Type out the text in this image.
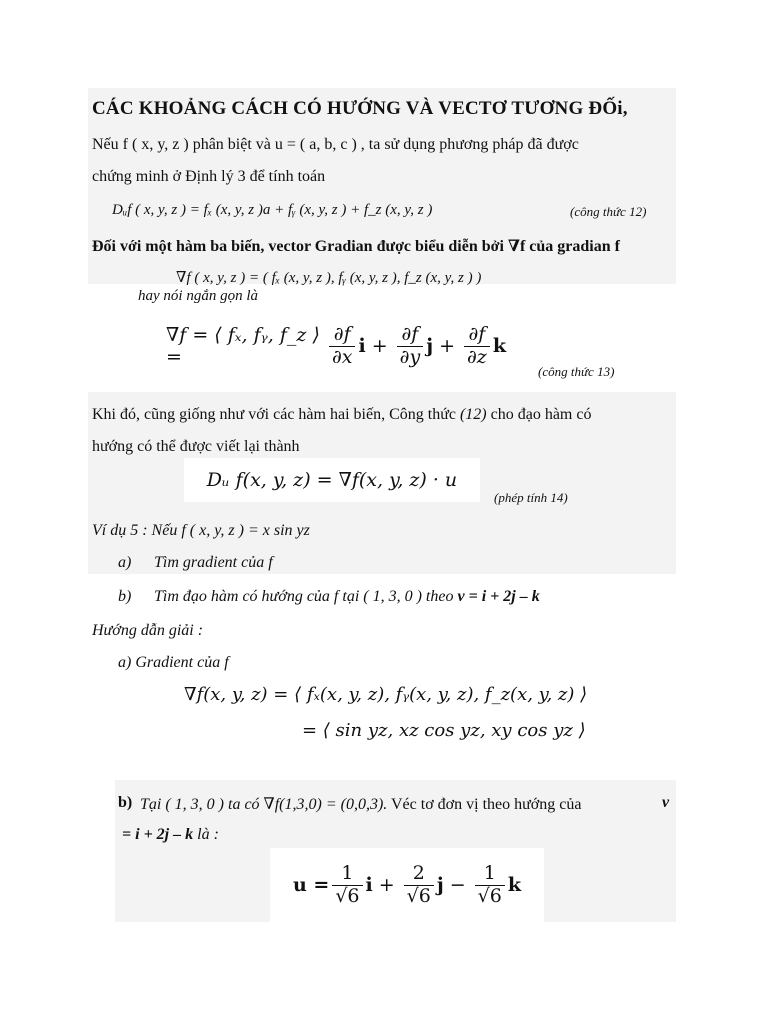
CÁC KHOẢNG CÁCH CÓ HƯỚNG VÀ VECTƠ TƯƠNG ĐỐi,
Nếu f ( x, y, z ) phân biệt và u = ( a, b, c ) , ta sử dụng phương pháp đã được
chứng minh ở Định lý 3 để tính toán
Dᵤf ( x, y, z ) = fₓ (x, y, z )a + fᵧ (x, y, z ) + f_z (x, y, z )	(công thức 12)
Đối với một hàm ba biến, vector Gradian được biểu diễn bởi ∇f của gradian f
∇f ( x, y, z ) = ( fₓ (x, y, z ), fᵧ (x, y, z ), f_z (x, y, z ) )
hay nói ngắn gọn là
∇f = ⟨ fₓ, fᵧ, f_z ⟩ =	$\frac{\partial f}{\partial x}$ $i + \frac{\partial f}{\partial y}$ $j + \frac{\partial f}{\partial z}$ k
(công thức 13)
Khi đó, cũng giống như với các hàm hai biến, Công thức (12) cho đạo hàm có
hướng có thể được viết lại thành
Dᵤ f(x, y, z) = ∇f(x, y, z) · u
(phép tính 14)
Ví dụ 5 : Nếu f ( x, y, z ) = x sin yz
a) Tìm gradient của f
b) Tìm đạo hàm có hướng của f tại ( 1, 3, 0 ) theo v = i + 2j – k
Hướng dẫn giải :
a) Gradient của f
∇f(x, y, z) = ⟨ fₓ(x, y, z), fᵧ(x, y, z), f_z(x, y, z) ⟩
= ⟨ sin yz, xz cos yz, xy cos yz ⟩
b) Tại ( 1, 3, 0 ) ta có ∇f(1,3,0) = (0,0,3). Véc tơ đơn vị theo hướng của	v
= i + 2j – k là :
$u = \frac{1}{√6}$ $i + \frac{2}{√6}$ $j - \frac{1}{√6}$ k
